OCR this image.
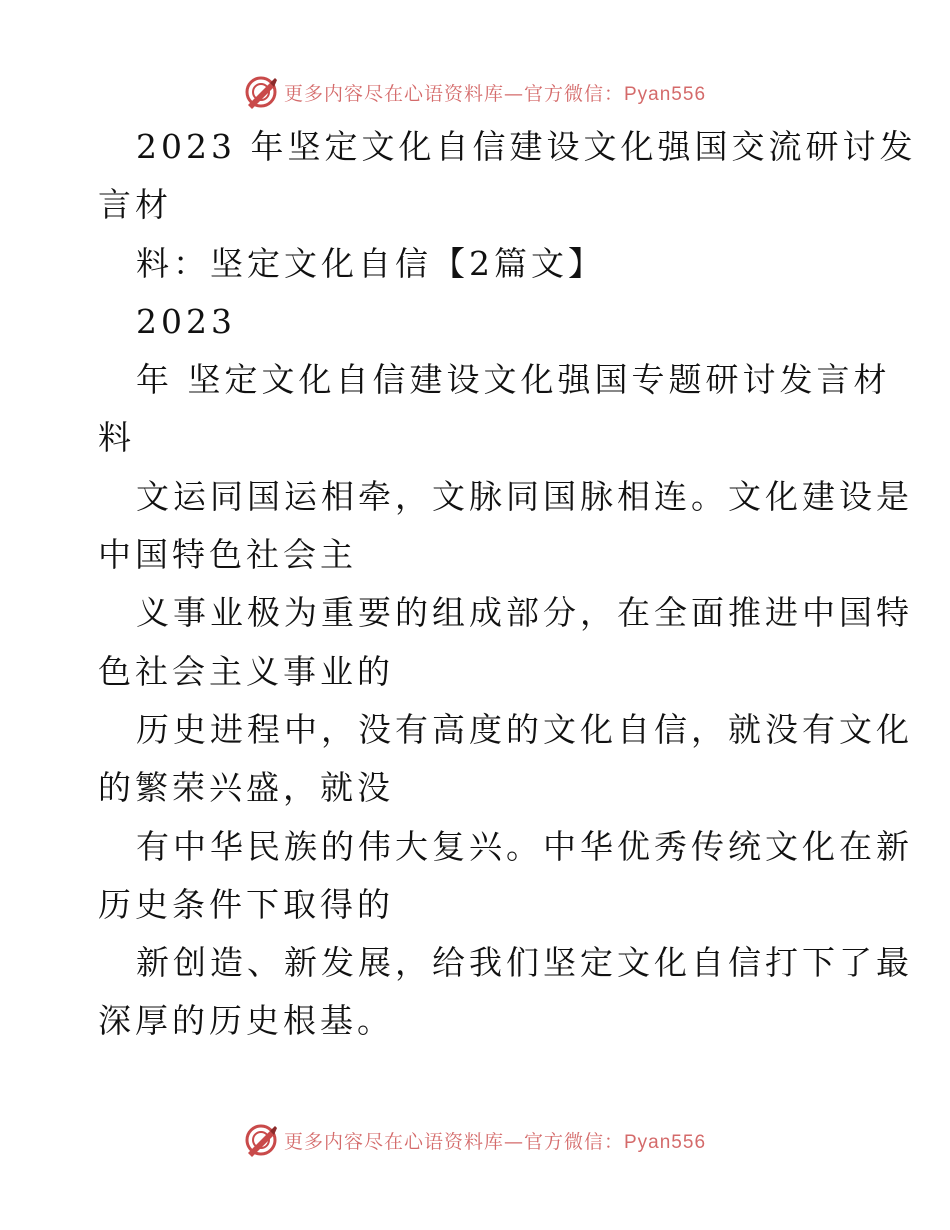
更多内容尽在心语资料库—官方微信：Pyan556
2023 年坚定文化自信建设文化强国交流研讨发
言材
料：坚定文化自信【2篇文】
2023
年 坚定文化自信建设文化强国专题研讨发言材
料
文运同国运相牵，文脉同国脉相连。文化建设是
中国特色社会主
义事业极为重要的组成部分，在全面推进中国特
色社会主义事业的
历史进程中，没有高度的文化自信，就没有文化
的繁荣兴盛，就没
有中华民族的伟大复兴。中华优秀传统文化在新
历史条件下取得的
新创造、新发展，给我们坚定文化自信打下了最
深厚的历史根基。
更多内容尽在心语资料库—官方微信：Pyan556
